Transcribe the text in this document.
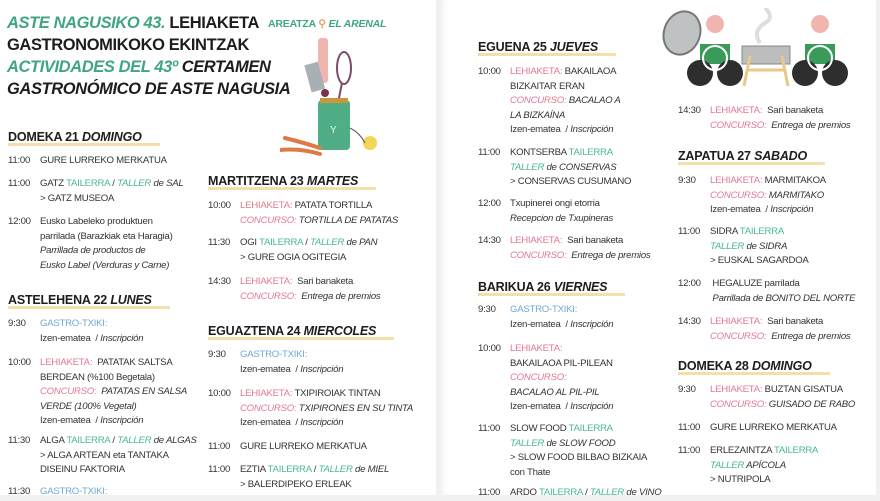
ASTE NAGUSIKO 43. LEHIAKETA
GASTRONOMIKOKO EKINTZAK
ACTIVIDADES DEL 43º CERTAMEN
GASTRONÓMICO DE ASTE NAGUSIA
AREATZA ⚲ EL ARENAL
Y
DOMEKA 21 DOMINGO
11:00	GURE LURREKO MERKATUA
11:00	GATZ TAILERRA / TALLER de SAL
> GATZ MUSEOA
12:00 Eusko Labeleko produktuen
parrilada (Barazkiak eta Haragia)
Parrillada de productos de
Eusko Label (Verduras y Carne)
ASTELEHENA 22 LUNES
9:30	GASTRO-TXIKI:
Izen-ematea  / Inscripción
10:00 LEHIAKETA:  PATATAK SALTSA
BERDEAN (%100 Begetala)
CONCURSO:  PATATAS EN SALSA
VERDE (100% Vegetal)
Izen-ematea  / Inscripción
11:30	ALGA TAILERRA / TALLER de ALGAS
> ALGA ARTEAN eta TANTAKA
DISEINU FAKTORIA
11:30	GASTRO-TXIKI:
MARTITZENA 23 MARTES
10:00 LEHIAKETA: PATATA TORTILLA
CONCURSO: TORTILLA DE PATATAS
11:30	OGI TAILERRA / TALLER de PAN
> GURE OGIA OGITEGIA
14:30 LEHIAKETA:  Sari banaketa
CONCURSO:  Entrega de premios
EGUAZTENA 24 MIERCOLES
9:30	GASTRO-TXIKI:
Izen-ematea  / Inscripción
10:00 LEHIAKETA: TXIPIROIAK TINTAN
CONCURSO: TXIPIRONES EN SU TINTA
Izen-ematea  / Inscripción
11:00	GURE LURREKO MERKATUA
11:00	EZTIA TAILERRA / TALLER de MIEL
> BALERDIPEKO ERLEAK
EGUENA 25 JUEVES
10:00 LEHIAKETA: BAKAILAOA
BIZKAITAR ERAN
CONCURSO: BACALAO A
LA BIZKAÍNA
Izen-ematea  / Inscripción
11:00	KONTSERBA TAILERRA
TALLER de CONSERVAS
> CONSERVAS CUSUMANO
12:00 Txupinerei ongi etorria
Recepcion de Txupineras
14:30 LEHIAKETA:  Sari banaketa
CONCURSO:  Entrega de premios
BARIKUA 26 VIERNES
9:30	GASTRO-TXIKI:
Izen-ematea  / Inscripción
10:00 LEHIAKETA:
BAKAILAOA PIL-PILEAN
CONCURSO:
BACALAO AL PIL-PIL
Izen-ematea  / Inscripción
11:00	SLOW FOOD TAILERRA
TALLER de SLOW FOOD
> SLOW FOOD BILBAO BIZKAIA
con Thate
11:00	ARDO TAILERRA / TALLER de VINO
14:30 LEHIAKETA:  Sari banaketa
CONCURSO:  Entrega de premios
ZAPATUA 27 SABADO
9:30	LEHIAKETA: MARMITAKOA
CONCURSO: MARMITAKO
Izen-ematea  / Inscripción
11:00	SIDRA TAILERRA
TALLER de SIDRA
> EUSKAL SAGARDOA
12:00 HEGALUZE parrilada
Parrillada de BONITO DEL NORTE
14:30 LEHIAKETA:  Sari banaketa
CONCURSO:  Entrega de premios
DOMEKA 28 DOMINGO
9:30	LEHIAKETA: BUZTAN GISATUA
CONCURSO: GUISADO DE RABO
11:00	GURE LURREKO MERKATUA
11:00	ERLEZAINTZA TAILERRA
TALLER APÍCOLA
> NUTRIPOLA
